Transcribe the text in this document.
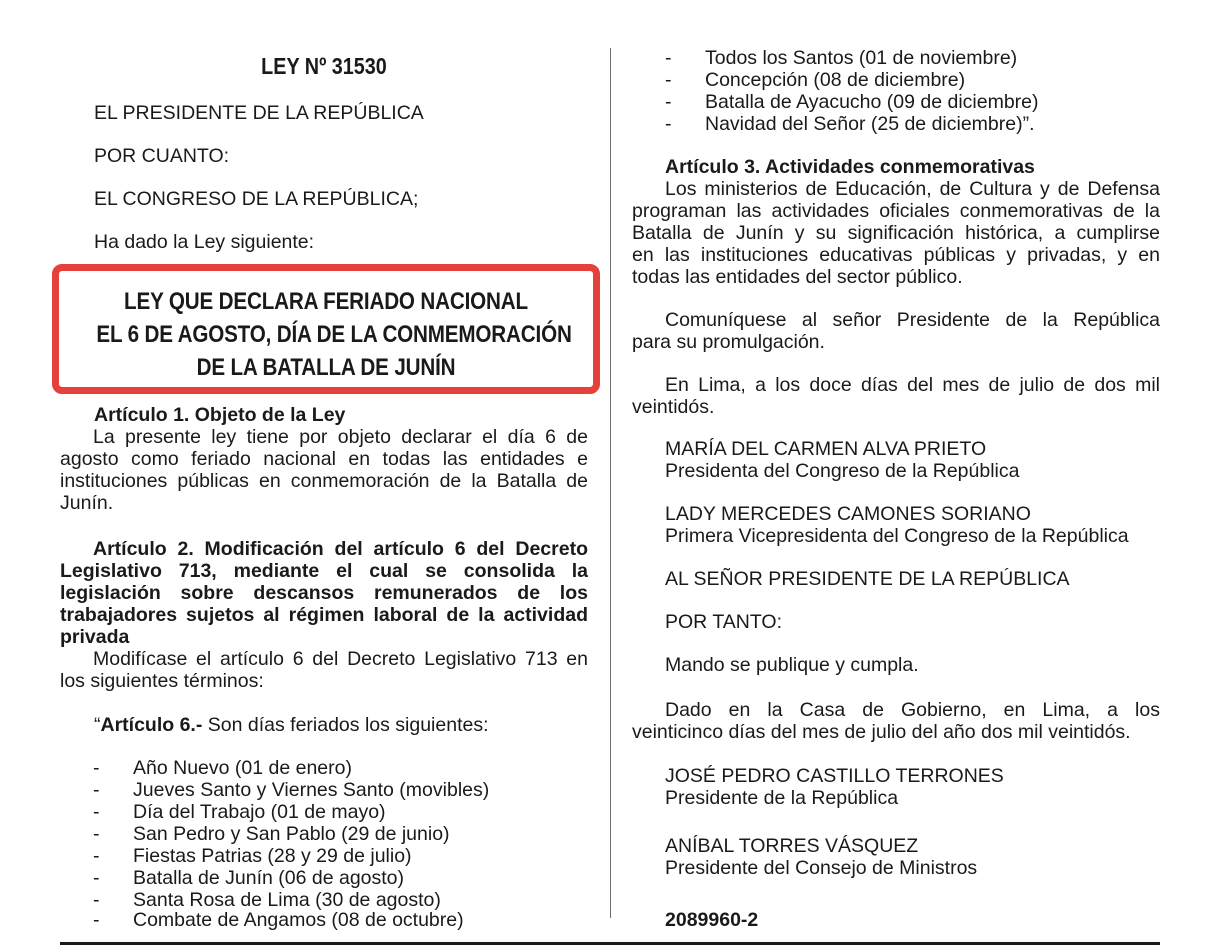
LEY Nº 31530
EL PRESIDENTE DE LA REPÚBLICA
POR CUANTO:
EL CONGRESO DE LA REPÚBLICA;
Ha dado la Ley siguiente:
Artículo 1. Objeto de la Ley
La presente ley tiene por objeto declarar el día 6 de
agosto como feriado nacional en todas las entidades e
instituciones públicas en conmemoración de la Batalla de
Junín.
Artículo 2. Modificación del artículo 6 del Decreto
Legislativo 713, mediante el cual se consolida la
legislación sobre descansos remunerados de los
trabajadores sujetos al régimen laboral de la actividad
privada
Modifícase el artículo 6 del Decreto Legislativo 713 en
los siguientes términos:
“Artículo 6.- Son días feriados los siguientes:
- Año Nuevo (01 de enero)
- Jueves Santo y Viernes Santo (movibles)
- Día del Trabajo (01 de mayo)
- San Pedro y San Pablo (29 de junio)
- Fiestas Patrias (28 y 29 de julio)
- Batalla de Junín (06 de agosto)
- Santa Rosa de Lima (30 de agosto)
- Combate de Angamos (08 de octubre)
LEY QUE DECLARA FERIADO NACIONAL
EL 6 DE AGOSTO, DÍA DE LA CONMEMORACIÓN
DE LA BATALLA DE JUNÍN
- Todos los Santos (01 de noviembre)
- Concepción (08 de diciembre)
- Batalla de Ayacucho (09 de diciembre)
- Navidad del Señor (25 de diciembre)”.
Artículo 3. Actividades conmemorativas
Los ministerios de Educación, de Cultura y de Defensa
programan las actividades oficiales conmemorativas de la
Batalla de Junín y su significación histórica, a cumplirse
en las instituciones educativas públicas y privadas, y en
todas las entidades del sector público.
Comuníquese al señor Presidente de la República
para su promulgación.
En Lima, a los doce días del mes de julio de dos mil
veintidós.
MARÍA DEL CARMEN ALVA PRIETO
Presidenta del Congreso de la República
LADY MERCEDES CAMONES SORIANO
Primera Vicepresidenta del Congreso de la República
AL SEÑOR PRESIDENTE DE LA REPÚBLICA
POR TANTO:
Mando se publique y cumpla.
Dado en la Casa de Gobierno, en Lima, a los
veinticinco días del mes de julio del año dos mil veintidós.
JOSÉ PEDRO CASTILLO TERRONES
Presidente de la República
ANÍBAL TORRES VÁSQUEZ
Presidente del Consejo de Ministros
2089960-2
